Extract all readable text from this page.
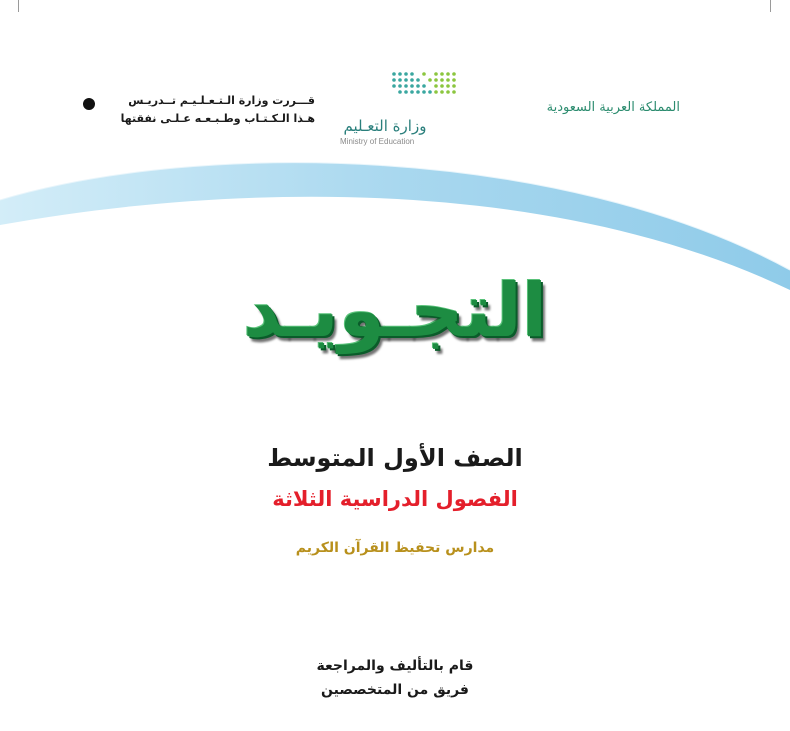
المملكة العربية السعودية
وزارة التعـليم
Ministry of Education
قـــررت وزارة الـتـعـلـيـم تــدريـس
هـذا الـكـتـاب وطـبـعـه عـلـى نفقتها
التجـويـد
الصف الأول المتوسط
الفصول الدراسية الثلاثة
مدارس تحفيظ القرآن الكريم
قام بالتأليف والمراجعة
فريق من المتخصصين
